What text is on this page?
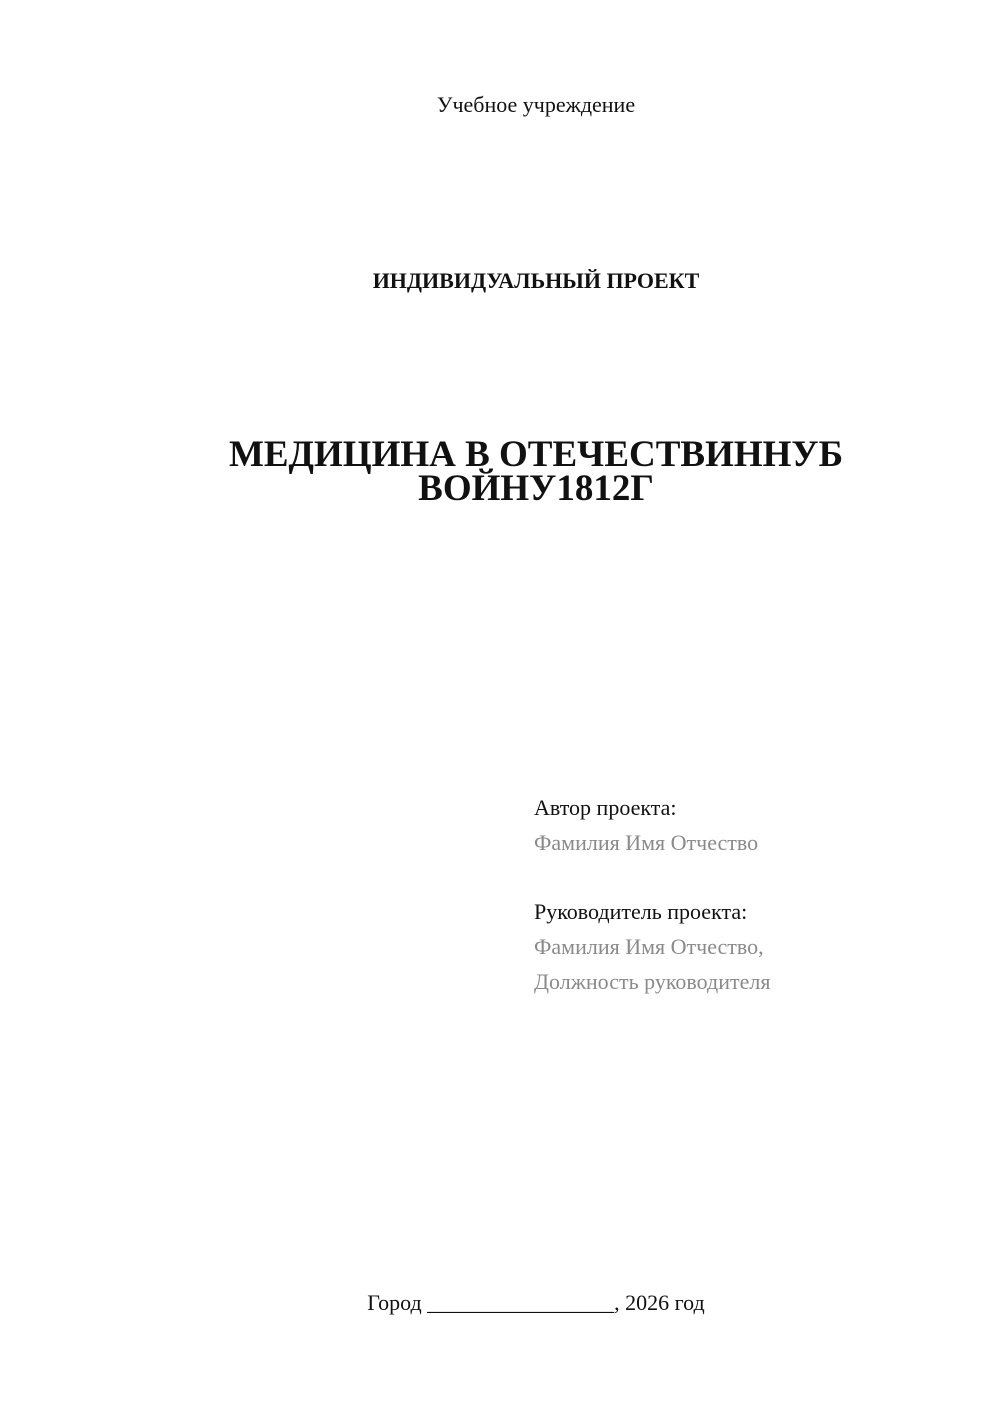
Учебное учреждение
ИНДИВИДУАЛЬНЫЙ ПРОЕКТ
МЕДИЦИНА В ОТЕЧЕСТВИННУБ
ВОЙНУ1812Г
Автор проекта:
Фамилия Имя Отчество
Руководитель проекта:
Фамилия Имя Отчество,
Должность руководителя
Город _________________, 2026 год
